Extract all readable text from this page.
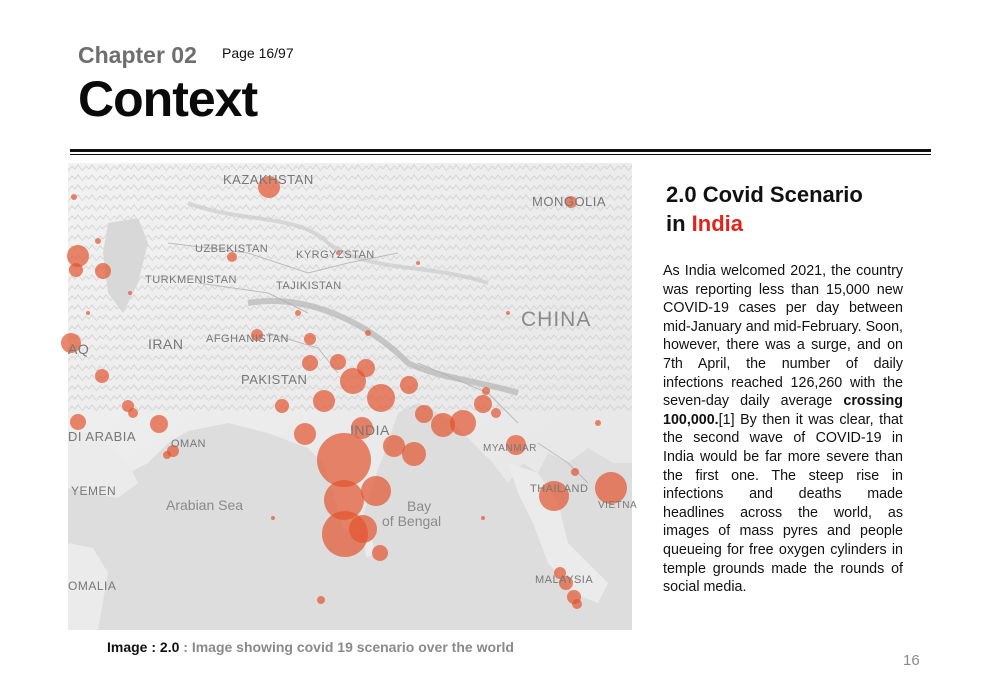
Chapter 02 Page 16/97
Context
KAZAKHSTAN
MONGOLIA
UZBEKISTAN	KYRGYZSTAN
TURKMENISTAN	TAJIKISTAN
CHINA
AQ	IRAN AFGHANISTAN
PAKISTAN
INDIA
DI ARABIA	OMAN	MYANMAR
YEMEN	THAILAND
VIETNA
Arabian Sea	Bay
of Bengal
MALAYSIA
OMALIA
Image : 2.0 : Image showing covid 19 scenario over the world
2.0 Covid Scenario
in India
As India welcomed 2021, the country was reporting less than 15,000 new COVID-19 cases per day between mid-January and mid-February. Soon, however, there was a surge, and on 7th April, the number of daily infections reached 126,260 with the seven-day daily average crossing 100,000.[1] By then it was clear, that the second wave of COVID-19 in India would be far more severe than the first one. The steep rise in infections and deaths made headlines across the world, as images of mass pyres and people queueing for free oxygen cylinders in temple grounds made the rounds of social media.
16
